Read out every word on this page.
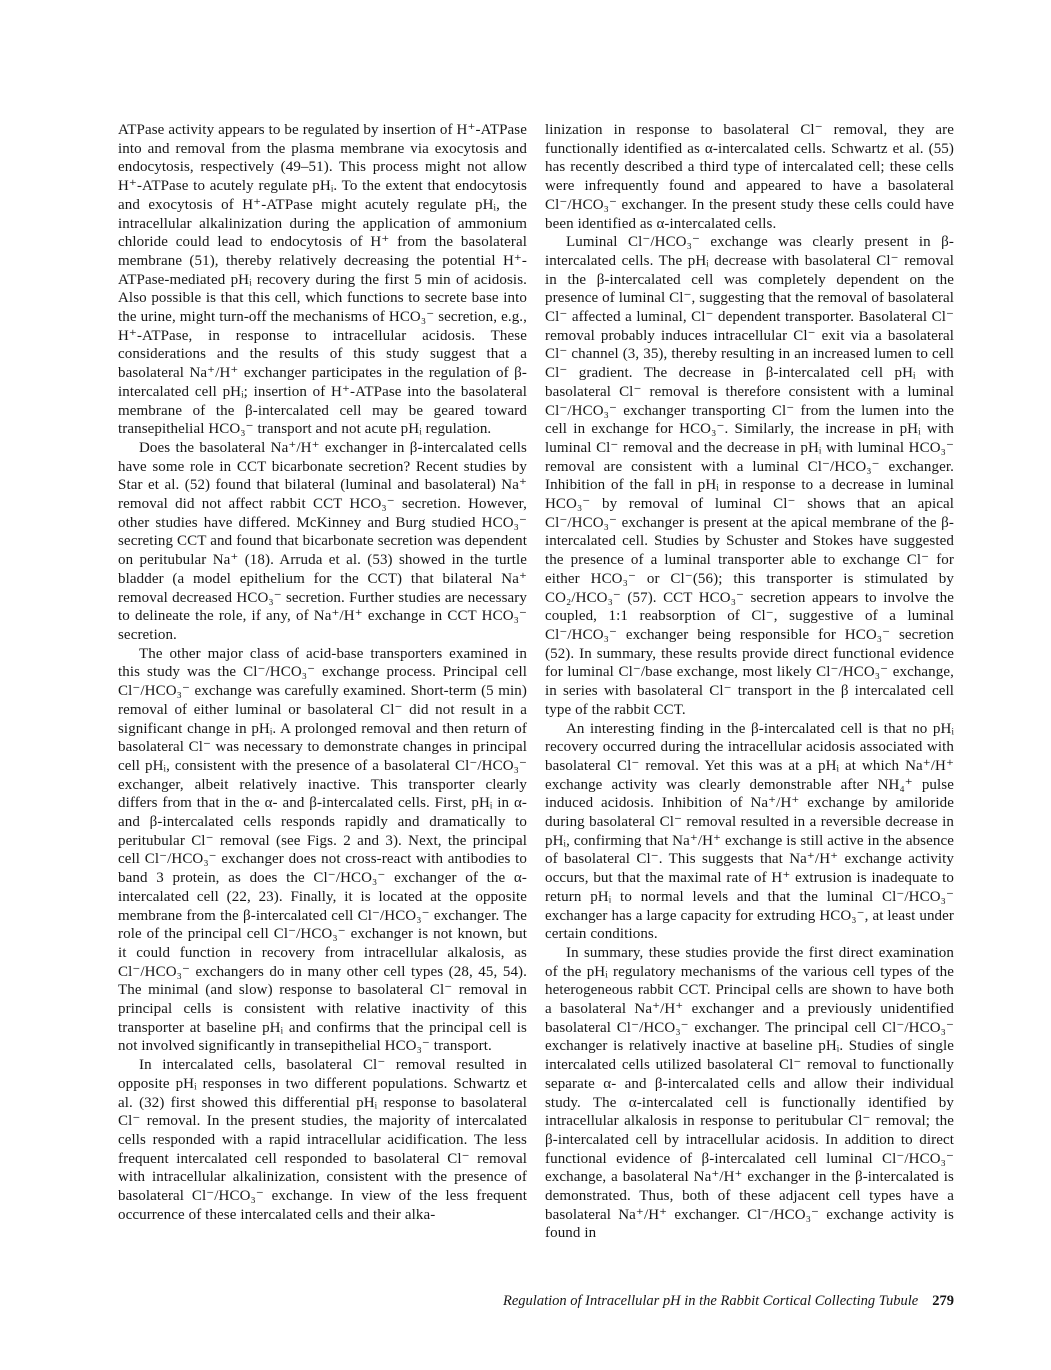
ATPase activity appears to be regulated by insertion of H⁺-ATPase into and removal from the plasma membrane via exocytosis and endocytosis, respectively (49–51). This process might not allow H⁺-ATPase to acutely regulate pHᵢ. To the extent that endocytosis and exocytosis of H⁺-ATPase might acutely regulate pHᵢ, the intracellular alkalinization during the application of ammonium chloride could lead to endocytosis of H⁺ from the basolateral membrane (51), thereby relatively decreasing the potential H⁺-ATPase-mediated pHᵢ recovery during the first 5 min of acidosis. Also possible is that this cell, which functions to secrete base into the urine, might turn-off the mechanisms of HCO₃⁻ secretion, e.g., H⁺-ATPase, in response to intracellular acidosis. These considerations and the results of this study suggest that a basolateral Na⁺/H⁺ exchanger participates in the regulation of β-intercalated cell pHᵢ; insertion of H⁺-ATPase into the basolateral membrane of the β-intercalated cell may be geared toward transepithelial HCO₃⁻ transport and not acute pHᵢ regulation.

Does the basolateral Na⁺/H⁺ exchanger in β-intercalated cells have some role in CCT bicarbonate secretion? Recent studies by Star et al. (52) found that bilateral (luminal and basolateral) Na⁺ removal did not affect rabbit CCT HCO₃⁻ secretion. However, other studies have differed. McKinney and Burg studied HCO₃⁻ secreting CCT and found that bicarbonate secretion was dependent on peritubular Na⁺ (18). Arruda et al. (53) showed in the turtle bladder (a model epithelium for the CCT) that bilateral Na⁺ removal decreased HCO₃⁻ secretion. Further studies are necessary to delineate the role, if any, of Na⁺/H⁺ exchange in CCT HCO₃⁻ secretion.

The other major class of acid-base transporters examined in this study was the Cl⁻/HCO₃⁻ exchange process. Principal cell Cl⁻/HCO₃⁻ exchange was carefully examined. Short-term (5 min) removal of either luminal or basolateral Cl⁻ did not result in a significant change in pHᵢ. A prolonged removal and then return of basolateral Cl⁻ was necessary to demonstrate changes in principal cell pHᵢ, consistent with the presence of a basolateral Cl⁻/HCO₃⁻ exchanger, albeit relatively inactive. This transporter clearly differs from that in the α- and β-intercalated cells. First, pHᵢ in α- and β-intercalated cells responds rapidly and dramatically to peritubular Cl⁻ removal (see Figs. 2 and 3). Next, the principal cell Cl⁻/HCO₃⁻ exchanger does not cross-react with antibodies to band 3 protein, as does the Cl⁻/HCO₃⁻ exchanger of the α-intercalated cell (22, 23). Finally, it is located at the opposite membrane from the β-intercalated cell Cl⁻/HCO₃⁻ exchanger. The role of the principal cell Cl⁻/HCO₃⁻ exchanger is not known, but it could function in recovery from intracellular alkalosis, as Cl⁻/HCO₃⁻ exchangers do in many other cell types (28, 45, 54). The minimal (and slow) response to basolateral Cl⁻ removal in principal cells is consistent with relative inactivity of this transporter at baseline pHᵢ and confirms that the principal cell is not involved significantly in transepithelial HCO₃⁻ transport.

In intercalated cells, basolateral Cl⁻ removal resulted in opposite pHᵢ responses in two different populations. Schwartz et al. (32) first showed this differential pHᵢ response to basolateral Cl⁻ removal. In the present studies, the majority of intercalated cells responded with a rapid intracellular acidification. The less frequent intercalated cell responded to basolateral Cl⁻ removal with intracellular alkalinization, consistent with the presence of basolateral Cl⁻/HCO₃⁻ exchange. In view of the less frequent occurrence of these intercalated cells and their alka-

linization in response to basolateral Cl⁻ removal, they are functionally identified as α-intercalated cells. Schwartz et al. (55) has recently described a third type of intercalated cell; these cells were infrequently found and appeared to have a basolateral Cl⁻/HCO₃⁻ exchanger. In the present study these cells could have been identified as α-intercalated cells.

Luminal Cl⁻/HCO₃⁻ exchange was clearly present in β-intercalated cells. The pHᵢ decrease with basolateral Cl⁻ removal in the β-intercalated cell was completely dependent on the presence of luminal Cl⁻, suggesting that the removal of basolateral Cl⁻ affected a luminal, Cl⁻ dependent transporter. Basolateral Cl⁻ removal probably induces intracellular Cl⁻ exit via a basolateral Cl⁻ channel (3, 35), thereby resulting in an increased lumen to cell Cl⁻ gradient. The decrease in β-intercalated cell pHᵢ with basolateral Cl⁻ removal is therefore consistent with a luminal Cl⁻/HCO₃⁻ exchanger transporting Cl⁻ from the lumen into the cell in exchange for HCO₃⁻. Similarly, the increase in pHᵢ with luminal Cl⁻ removal and the decrease in pHᵢ with luminal HCO₃⁻ removal are consistent with a luminal Cl⁻/HCO₃⁻ exchanger. Inhibition of the fall in pHᵢ in response to a decrease in luminal HCO₃⁻ by removal of luminal Cl⁻ shows that an apical Cl⁻/HCO₃⁻ exchanger is present at the apical membrane of the β-intercalated cell. Studies by Schuster and Stokes have suggested the presence of a luminal transporter able to exchange Cl⁻ for either HCO₃⁻ or Cl⁻(56); this transporter is stimulated by CO₂/HCO₃⁻ (57). CCT HCO₃⁻ secretion appears to involve the coupled, 1:1 reabsorption of Cl⁻, suggestive of a luminal Cl⁻/HCO₃⁻ exchanger being responsible for HCO₃⁻ secretion (52). In summary, these results provide direct functional evidence for luminal Cl⁻/base exchange, most likely Cl⁻/HCO₃⁻ exchange, in series with basolateral Cl⁻ transport in the β intercalated cell type of the rabbit CCT.

An interesting finding in the β-intercalated cell is that no pHᵢ recovery occurred during the intracellular acidosis associated with basolateral Cl⁻ removal. Yet this was at a pHᵢ at which Na⁺/H⁺ exchange activity was clearly demonstrable after NH₄⁺ pulse induced acidosis. Inhibition of Na⁺/H⁺ exchange by amiloride during basolateral Cl⁻ removal resulted in a reversible decrease in pHᵢ, confirming that Na⁺/H⁺ exchange is still active in the absence of basolateral Cl⁻. This suggests that Na⁺/H⁺ exchange activity occurs, but that the maximal rate of H⁺ extrusion is inadequate to return pHᵢ to normal levels and that the luminal Cl⁻/HCO₃⁻ exchanger has a large capacity for extruding HCO₃⁻, at least under certain conditions.

In summary, these studies provide the first direct examination of the pHᵢ regulatory mechanisms of the various cell types of the heterogeneous rabbit CCT. Principal cells are shown to have both a basolateral Na⁺/H⁺ exchanger and a previously unidentified basolateral Cl⁻/HCO₃⁻ exchanger. The principal cell Cl⁻/HCO₃⁻ exchanger is relatively inactive at baseline pHᵢ. Studies of single intercalated cells utilized basolateral Cl⁻ removal to functionally separate α- and β-intercalated cells and allow their individual study. The α-intercalated cell is functionally identified by intracellular alkalosis in response to peritubular Cl⁻ removal; the β-intercalated cell by intracellular acidosis. In addition to direct functional evidence of β-intercalated cell luminal Cl⁻/HCO₃⁻ exchange, a basolateral Na⁺/H⁺ exchanger in the β-intercalated is demonstrated. Thus, both of these adjacent cell types have a basolateral Na⁺/H⁺ exchanger. Cl⁻/HCO₃⁻ exchange activity is found in

Regulation of Intracellular pH in the Rabbit Cortical Collecting Tubule 279
